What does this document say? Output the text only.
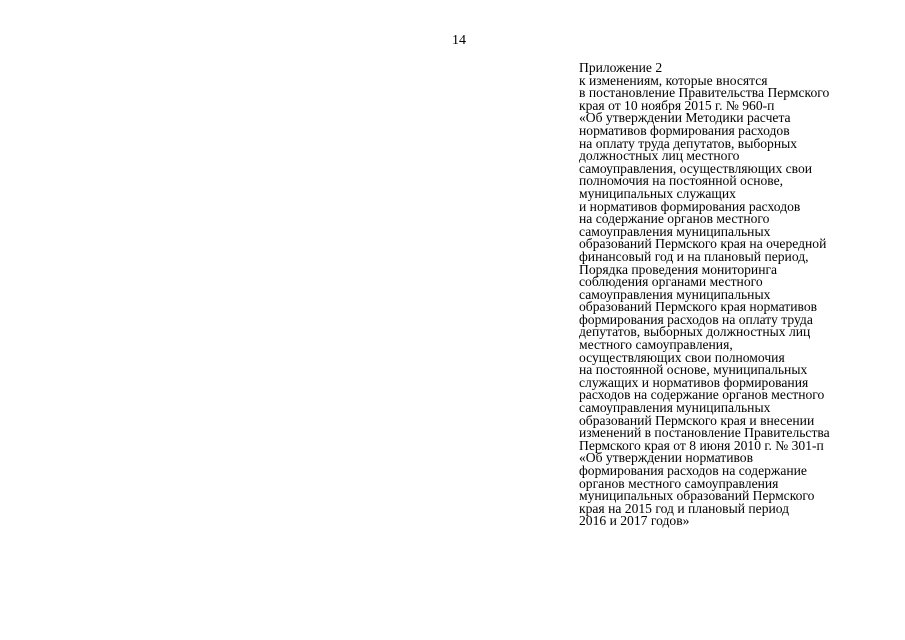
14
Приложение 2
к изменениям, которые вносятся
в постановление Правительства Пермского
края от 10 ноября 2015 г. № 960-п
«Об утверждении Методики расчета
нормативов формирования расходов
на оплату труда депутатов, выборных
должностных лиц местного
самоуправления, осуществляющих свои
полномочия на постоянной основе,
муниципальных служащих
и нормативов формирования расходов
на содержание органов местного
самоуправления муниципальных
образований Пермского края на очередной
финансовый год и на плановый период,
Порядка проведения мониторинга
соблюдения органами местного
самоуправления муниципальных
образований Пермского края нормативов
формирования расходов на оплату труда
депутатов, выборных должностных лиц
местного самоуправления,
осуществляющих свои полномочия
на постоянной основе, муниципальных
служащих и нормативов формирования
расходов на содержание органов местного
самоуправления муниципальных
образований Пермского края и внесении
изменений в постановление Правительства
Пермского края от 8 июня 2010 г. № 301-п
«Об утверждении нормативов
формирования расходов на содержание
органов местного самоуправления
муниципальных образований Пермского
края на 2015 год и плановый период
2016 и 2017 годов»
